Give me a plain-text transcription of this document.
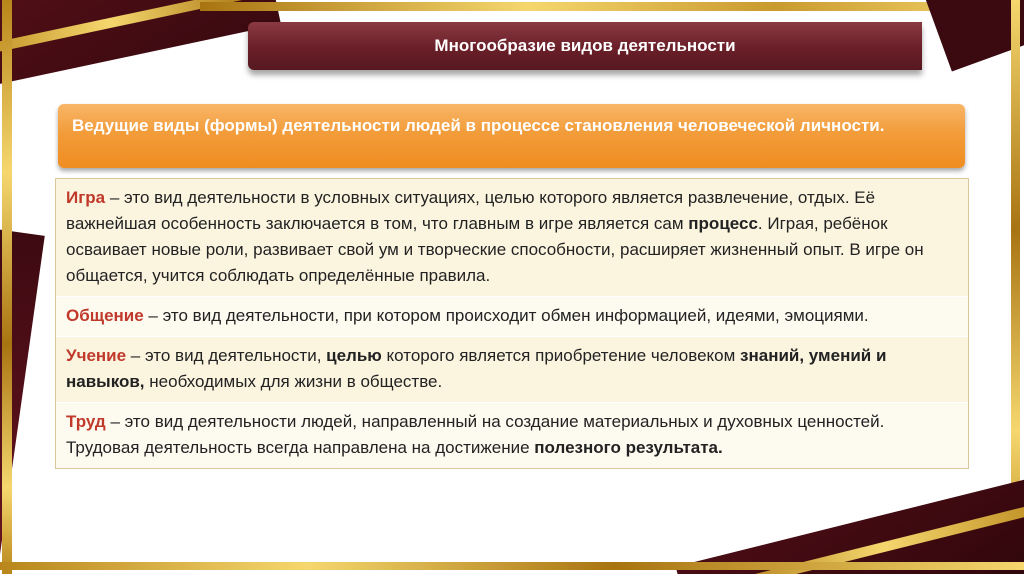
Многообразие видов деятельности
Ведущие виды (формы) деятельности людей в процессе становления человеческой личности.
Игра – это вид деятельности в условных ситуациях, целью которого является развлечение, отдых. Её важнейшая особенность заключается в том, что главным в игре является сам процесс. Играя, ребёнок осваивает новые роли, развивает свой ум и творческие способности, расширяет жизненный опыт. В игре он общается, учится соблюдать определённые правила.
Общение – это вид деятельности, при котором происходит обмен информацией, идеями, эмоциями.
Учение – это вид деятельности, целью которого является приобретение человеком знаний, умений и навыков, необходимых для жизни в обществе.
Труд – это вид деятельности людей, направленный на создание материальных и духовных ценностей. Трудовая деятельность всегда направлена на достижение полезного результата.
